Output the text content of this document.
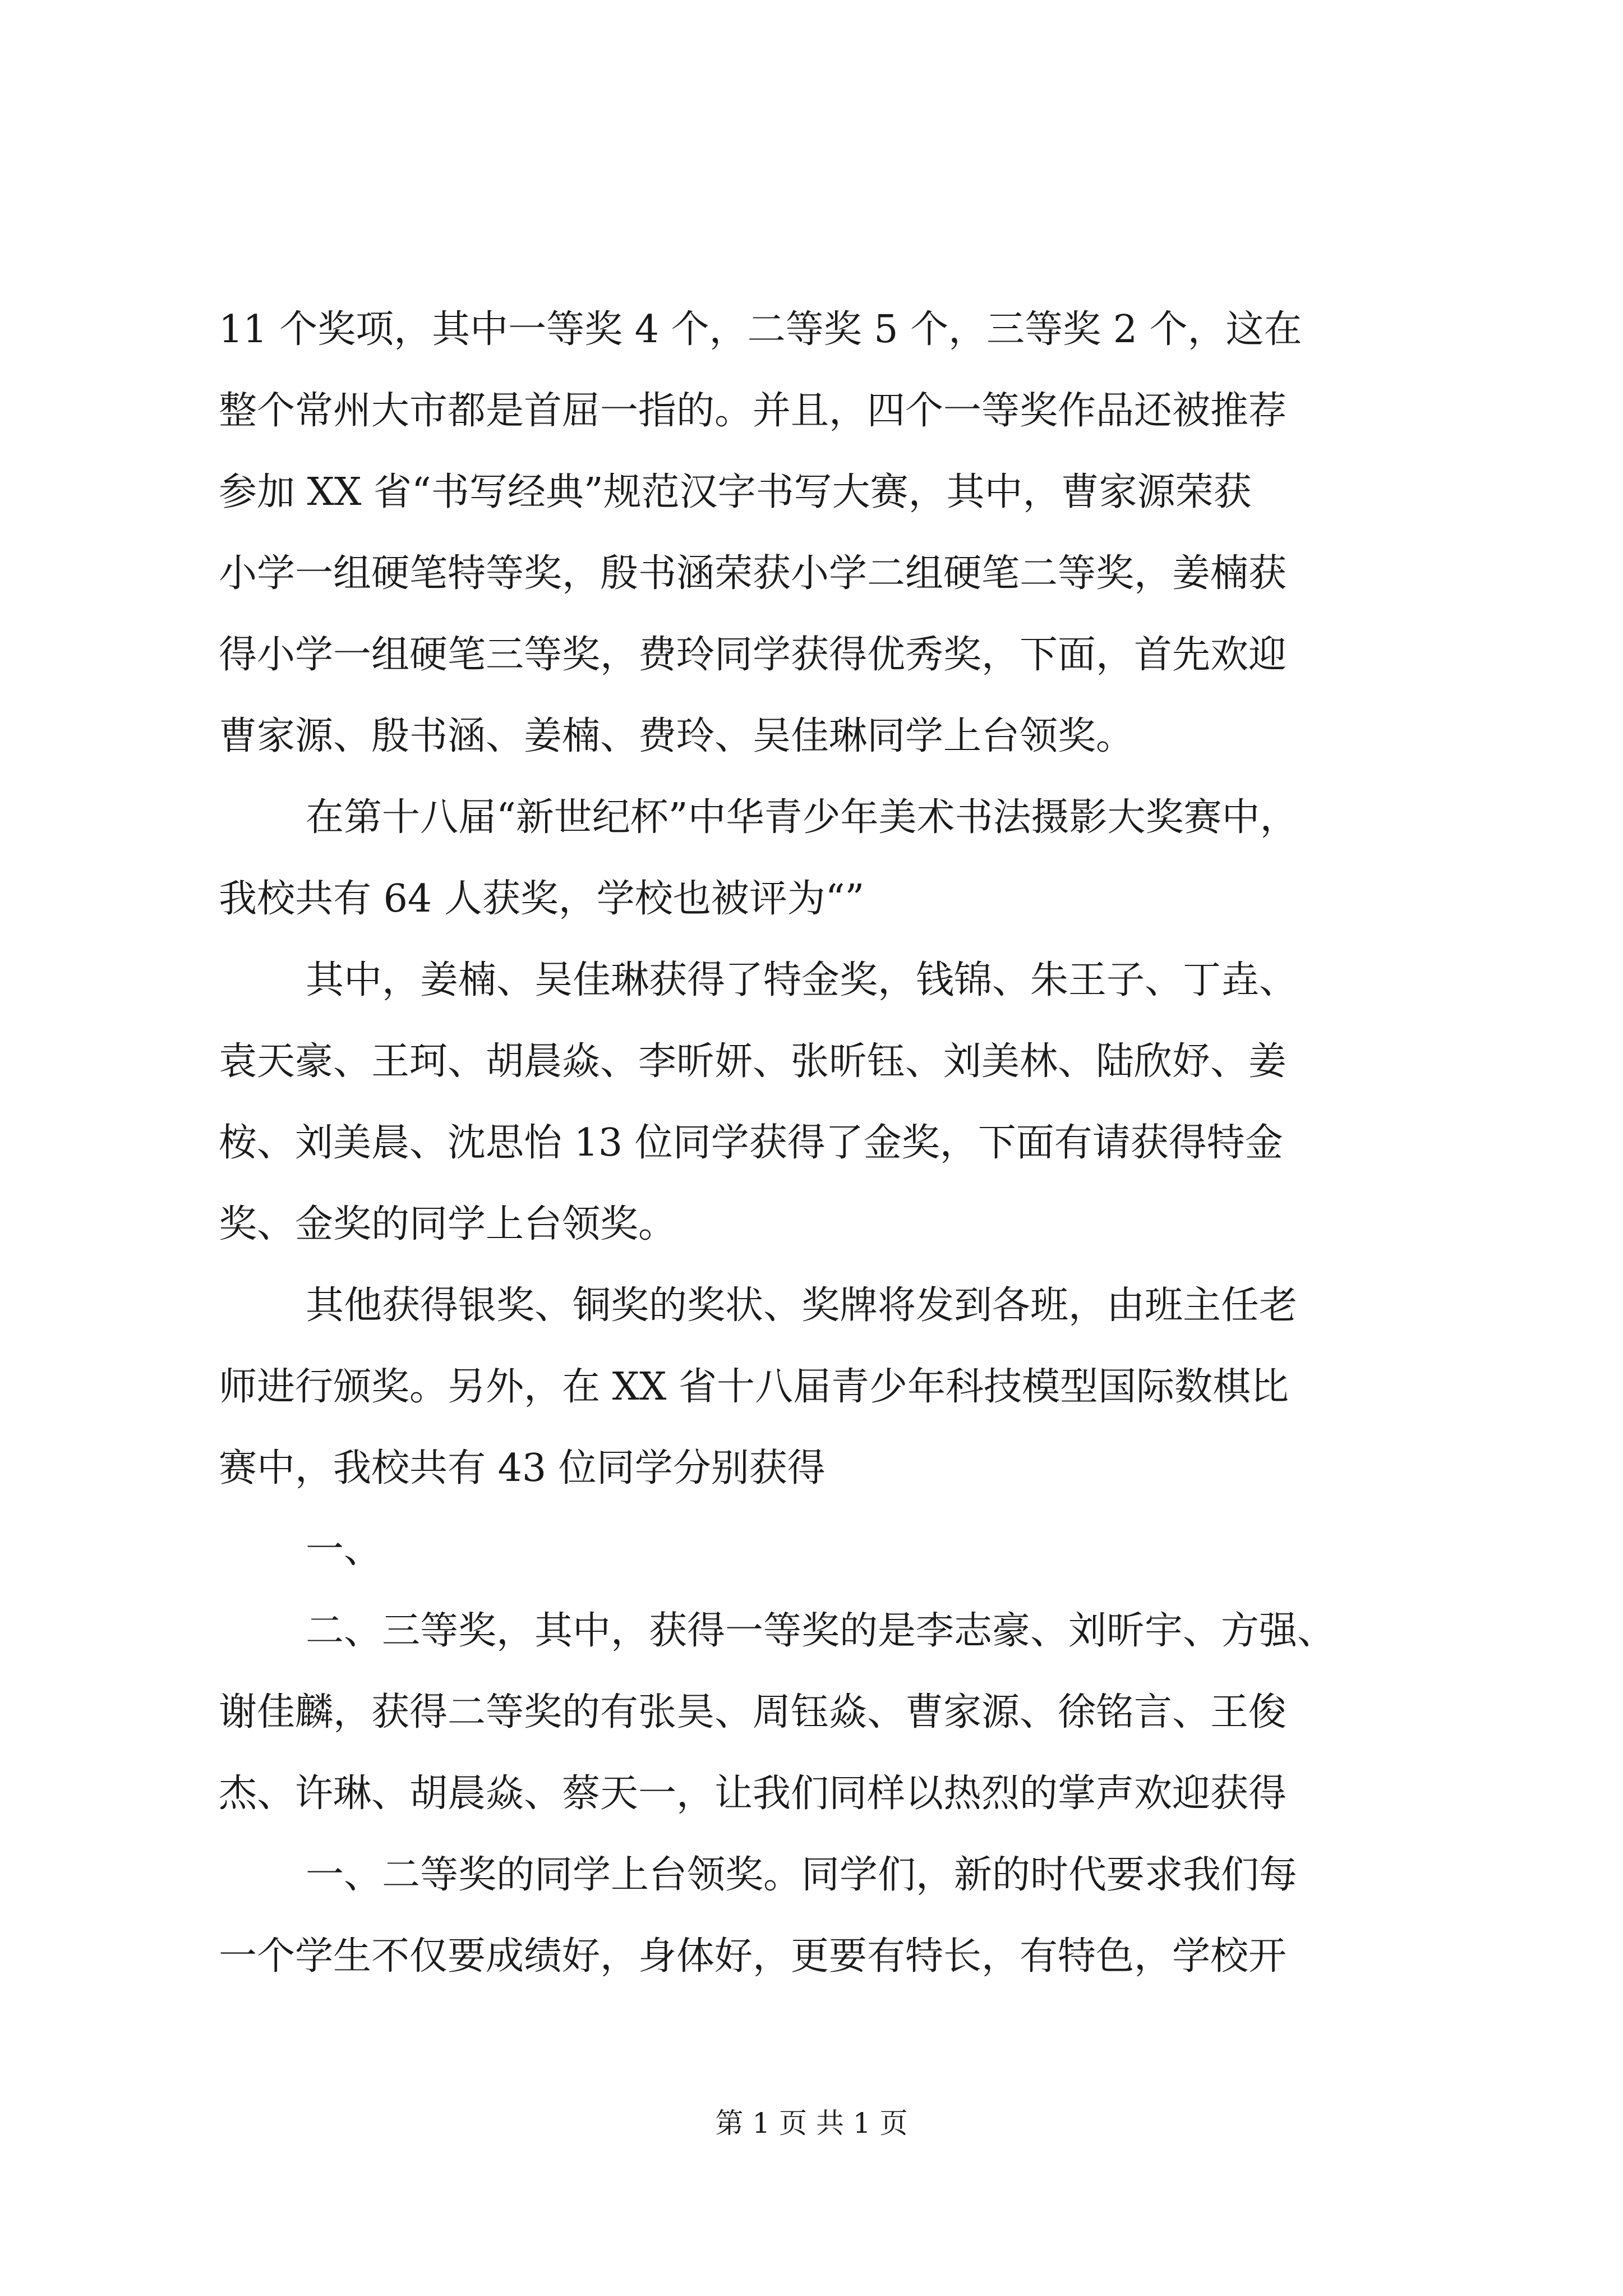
11 个奖项，其中一等奖 4 个，二等奖 5 个，三等奖 2 个，这在
整个常州大市都是首屈一指的。并且，四个一等奖作品还被推荐
参加 XX 省“书写经典”规范汉字书写大赛，其中，曹家源荣获
小学一组硬笔特等奖，殷书涵荣获小学二组硬笔二等奖，姜楠获
得小学一组硬笔三等奖，费玲同学获得优秀奖，下面，首先欢迎
曹家源、殷书涵、姜楠、费玲、吴佳琳同学上台领奖。
在第十八届“新世纪杯”中华青少年美术书法摄影大奖赛中，
我校共有 64 人获奖，学校也被评为“”
其中，姜楠、吴佳琳获得了特金奖，钱锦、朱王子、丁垚、
袁天豪、王珂、胡晨焱、李昕妍、张昕钰、刘美林、陆欣妤、姜
桉、刘美晨、沈思怡 13 位同学获得了金奖，下面有请获得特金
奖、金奖的同学上台领奖。
其他获得银奖、铜奖的奖状、奖牌将发到各班，由班主任老
师进行颁奖。另外，在 XX 省十八届青少年科技模型国际数棋比
赛中，我校共有 43 位同学分别获得
一、
二、三等奖，其中，获得一等奖的是李志豪、刘昕宇、方强、
谢佳麟，获得二等奖的有张昊、周钰焱、曹家源、徐铭言、王俊
杰、许琳、胡晨焱、蔡天一，让我们同样以热烈的掌声欢迎获得
一、二等奖的同学上台领奖。同学们，新的时代要求我们每
一个学生不仅要成绩好，身体好，更要有特长，有特色，学校开
第 1 页 共 1 页
